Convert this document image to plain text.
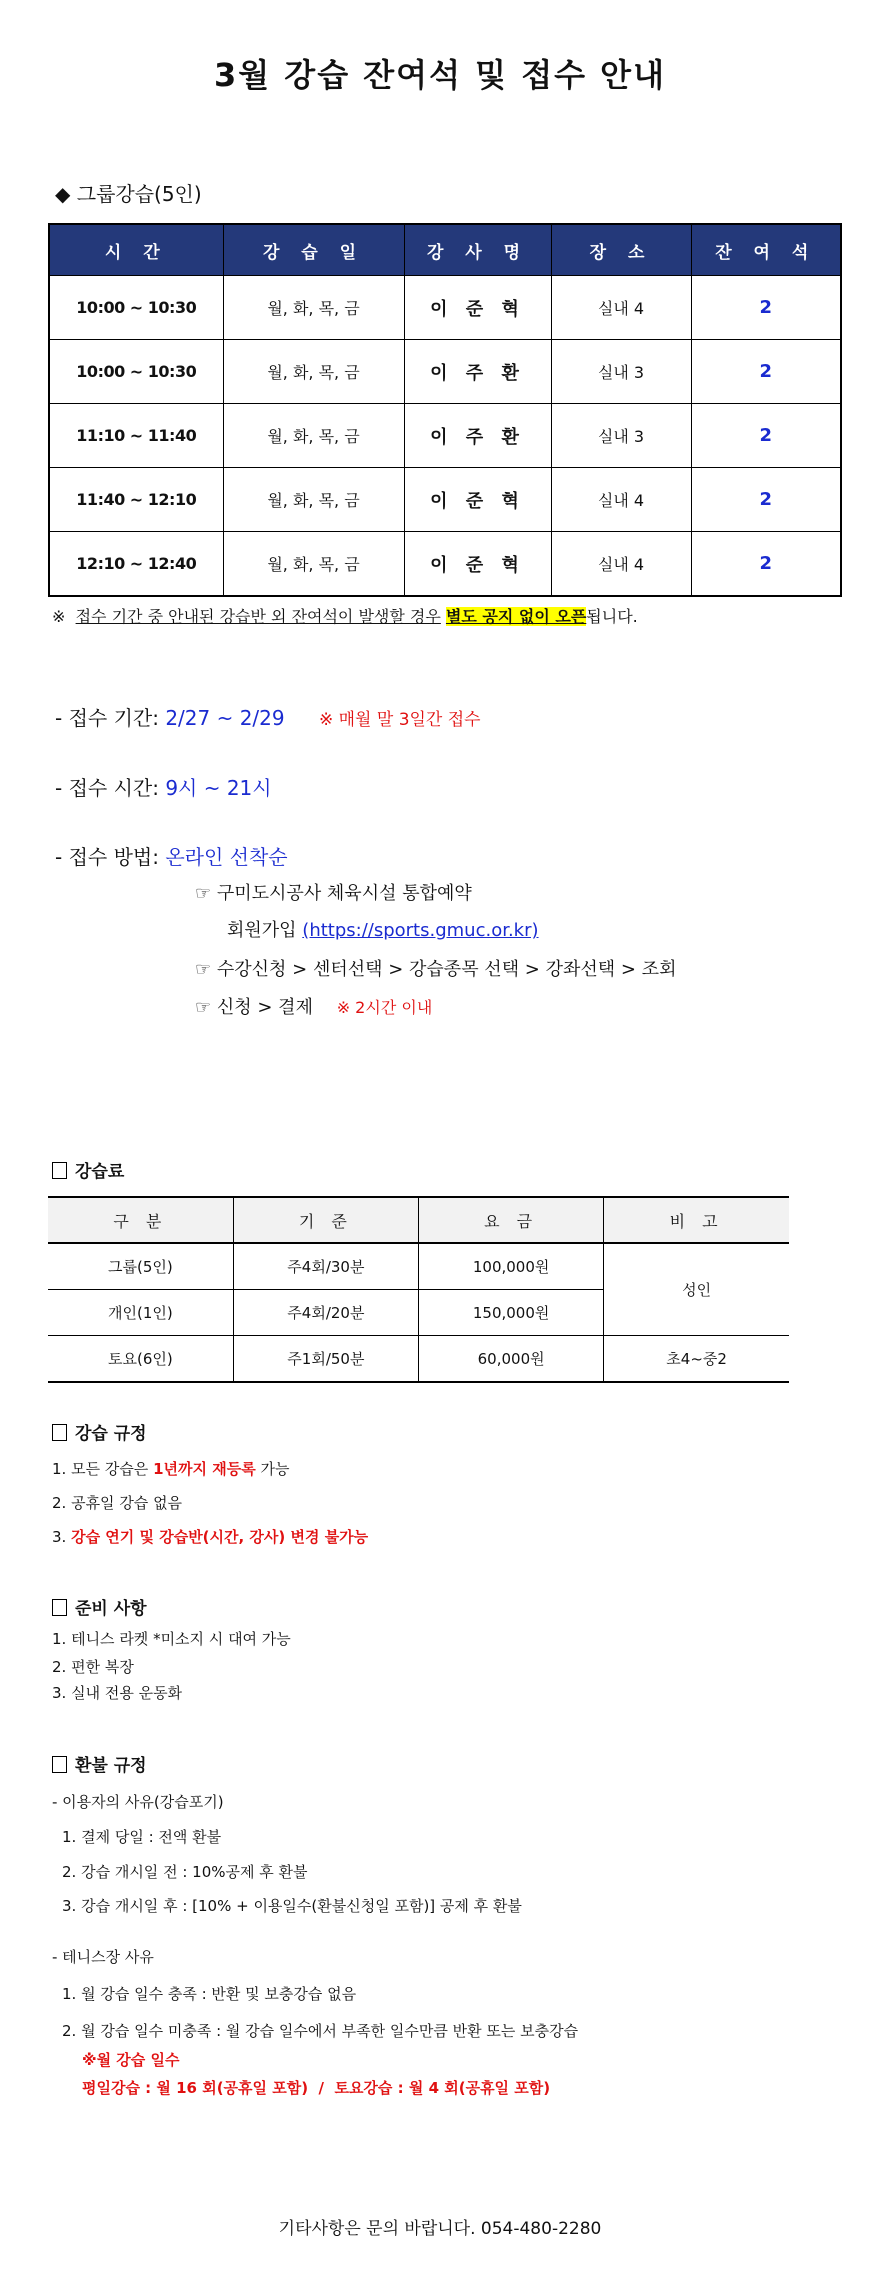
3월 강습 잔여석 및 접수 안내
◆ 그룹강습(5인)
시 간	강 습 일	강 사 명	장 소	잔 여 석
10:00 ~ 10:30	월, 화, 목, 금	이 준 혁	실내 4	2
10:00 ~ 10:30	월, 화, 목, 금	이 주 환	실내 3	2
11:10 ~ 11:40	월, 화, 목, 금	이 주 환	실내 3	2
11:40 ~ 12:10	월, 화, 목, 금	이 준 혁	실내 4	2
12:10 ~ 12:40	월, 화, 목, 금	이 준 혁	실내 4	2
※ 접수 기간 중 안내된 강습반 외 잔여석이 발생할 경우 별도 공지 없이 오픈됩니다.
- 접수 기간: 2/27 ~ 2/29 ※ 매월 말 3일간 접수
- 접수 시간: 9시 ~ 21시
- 접수 방법: 온라인 선착순
☞ 구미도시공사 체육시설 통합예약
회원가입 (https://sports.gmuc.or.kr)
☞ 수강신청 > 센터선택 > 강습종목 선택 > 강좌선택 > 조회
☞ 신청 > 결제 ※ 2시간 이내
강습료
구 분	기 준	요 금	비 고
그룹(5인)	주4회/30분	100,000원	성인
개인(1인)	주4회/20분	150,000원	
토요(6인)	주1회/50분	60,000원	초4~중2
강습 규정
1. 모든 강습은 1년까지 재등록 가능
2. 공휴일 강습 없음
3. 강습 연기 및 강습반(시간, 강사) 변경 불가능
준비 사항
1. 테니스 라켓 *미소지 시 대여 가능
2. 편한 복장
3. 실내 전용 운동화
환불 규정
- 이용자의 사유(강습포기)
1. 결제 당일 : 전액 환불
2. 강습 개시일 전 : 10%공제 후 환불
3. 강습 개시일 후 : [10% + 이용일수(환불신청일 포함)] 공제 후 환불
- 테니스장 사유
1. 월 강습 일수 충족 : 반환 및 보충강습 없음
2. 월 강습 일수 미충족 : 월 강습 일수에서 부족한 일수만큼 반환 또는 보충강습
※월 강습 일수
평일강습 : 월 16 회(공휴일 포함)  /  토요강습 : 월 4 회(공휴일 포함)
기타사항은 문의 바랍니다. 054-480-2280
